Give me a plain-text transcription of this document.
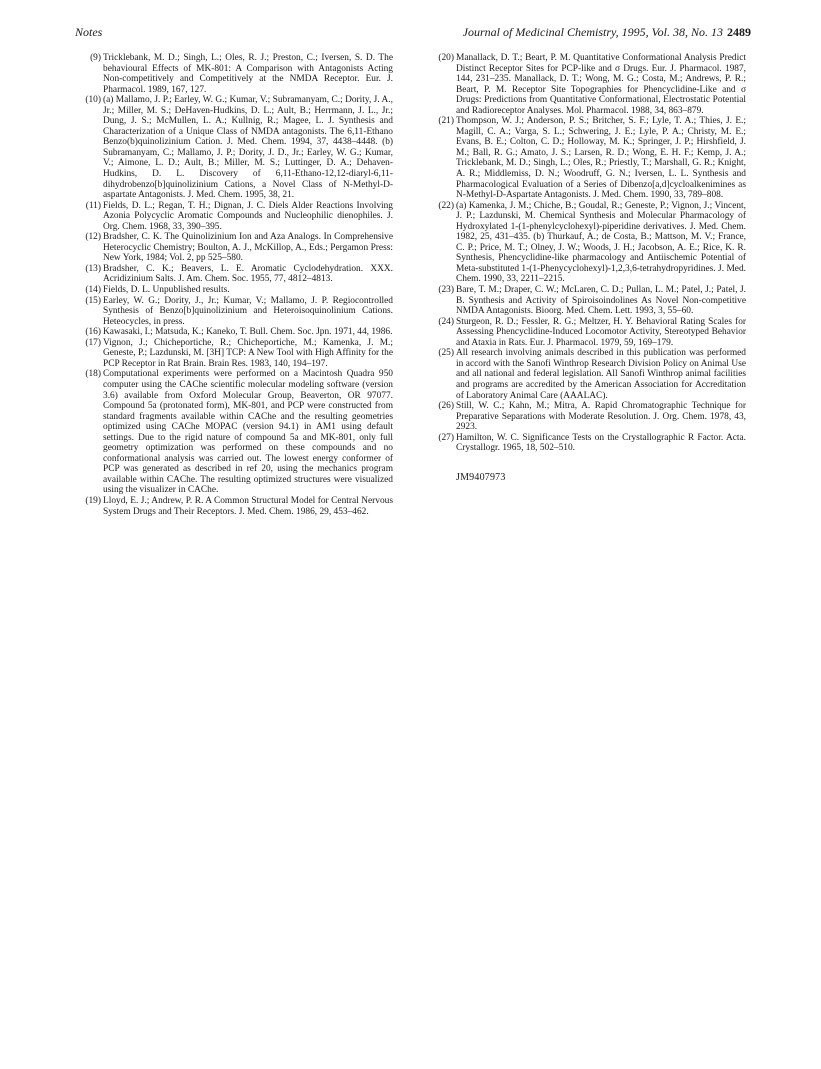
Notes	Journal of Medicinal Chemistry, 1995, Vol. 38, No. 13 2489
(9) Tricklebank, M. D.; Singh, L.; Oles, R. J.; Preston, C.; Iversen, S. D. The behavioural Effects of MK-801: A Comparison with Antagonists Acting Non-competitively and Competitively at the NMDA Receptor. Eur. J. Pharmacol. 1989, 167, 127.
(10) (a) Mallamo, J. P.; Earley, W. G.; Kumar, V.; Subramanyam, C.; Dority, J. A., Jr.; Miller, M. S.; DeHaven-Hudkins, D. L.; Ault, B.; Herrmann, J. L., Jr.; Dung, J. S.; McMullen, L. A.; Kullnig, R.; Magee, L. J. Synthesis and Characterization of a Unique Class of NMDA antagonists. The 6,11-Ethano Benzo(b)quinolizinium Cation. J. Med. Chem. 1994, 37, 4438–4448. (b) Subramanyam, C.; Mallamo, J. P.; Dority, J. D., Jr.; Earley, W. G.; Kumar, V.; Aimone, L. D.; Ault, B.; Miller, M. S.; Luttinger, D. A.; Dehaven-Hudkins, D. L. Discovery of 6,11-Ethano-12,12-diaryl-6,11-dihydrobenzo[b]quinolizinium Cations, a Novel Class of N-Methyl-D-aspartate Antagonists. J. Med. Chem. 1995, 38, 21.
(11) Fields, D. L.; Regan, T. H.; Dignan, J. C. Diels Alder Reactions Involving Azonia Polycyclic Aromatic Compounds and Nucleophilic dienophiles. J. Org. Chem. 1968, 33, 390–395.
(12) Bradsher, C. K. The Quinolizinium Ion and Aza Analogs. In Comprehensive Heterocyclic Chemistry; Boulton, A. J., McKillop, A., Eds.; Pergamon Press: New York, 1984; Vol. 2, pp 525–580.
(13) Bradsher, C. K.; Beavers, L. E. Aromatic Cyclodehydration. XXX. Acridizinium Salts. J. Am. Chem. Soc. 1955, 77, 4812–4813.
(14) Fields, D. L. Unpublished results.
(15) Earley, W. G.; Dority, J., Jr.; Kumar, V.; Mallamo, J. P. Regiocontrolled Synthesis of Benzo[b]quinolizinium and Heteroisoquinolinium Cations. Heteocycles, in press.
(16) Kawasaki, I.; Matsuda, K.; Kaneko, T. Bull. Chem. Soc. Jpn. 1971, 44, 1986.
(17) Vignon, J.; Chicheportiche, R.; Chicheportiche, M.; Kamenka, J. M.; Geneste, P.; Lazdunski, M. [3H] TCP: A New Tool with High Affinity for the PCP Receptor in Rat Brain. Brain Res. 1983, 140, 194–197.
(18) Computational experiments were performed on a Macintosh Quadra 950 computer using the CAChe scientific molecular modeling software (version 3.6) available from Oxford Molecular Group, Beaverton, OR 97077. Compound 5a (protonated form), MK-801, and PCP were constructed from standard fragments available within CAChe and the resulting geometries optimized using CAChe MOPAC (version 94.1) in AM1 using default settings. Due to the rigid nature of compound 5a and MK-801, only full geometry optimization was performed on these compounds and no conformational analysis was carried out. The lowest energy conformer of PCP was generated as described in ref 20, using the mechanics program available within CAChe. The resulting optimized structures were visualized using the visualizer in CAChe.
(19) Lloyd, E. J.; Andrew, P. R. A Common Structural Model for Central Nervous System Drugs and Their Receptors. J. Med. Chem. 1986, 29, 453–462.
(20) Manallack, D. T.; Beart, P. M. Quantitative Conformational Analysis Predict Distinct Receptor Sites for PCP-like and σ Drugs. Eur. J. Pharmacol. 1987, 144, 231–235. Manallack, D. T.; Wong, M. G.; Costa, M.; Andrews, P. R.; Beart, P. M. Receptor Site Topographies for Phencyclidine-Like and σ Drugs: Predictions from Quantitative Conformational, Electrostatic Potential and Radioreceptor Analyses. Mol. Pharmacol. 1988, 34, 863–879.
(21) Thompson, W. J.; Anderson, P. S.; Britcher, S. F.; Lyle, T. A.; Thies, J. E.; Magill, C. A.; Varga, S. L.; Schwering, J. E.; Lyle, P. A.; Christy, M. E.; Evans, B. E.; Colton, C. D.; Holloway, M. K.; Springer, J. P.; Hirshfield, J. M.; Ball, R. G.; Amato, J. S.; Larsen, R. D.; Wong, E. H. F.; Kemp, J. A.; Tricklebank, M. D.; Singh, L.; Oles, R.; Priestly, T.; Marshall, G. R.; Knight, A. R.; Middlemiss, D. N.; Woodruff, G. N.; Iversen, L. L. Synthesis and Pharmacological Evaluation of a Series of Dibenzo[a,d]cycloalkenimines as N-Methyl-D-Aspartate Antagonists. J. Med. Chem. 1990, 33, 789–808.
(22) (a) Kamenka, J. M.; Chiche, B.; Goudal, R.; Geneste, P.; Vignon, J.; Vincent, J. P.; Lazdunski, M. Chemical Synthesis and Molecular Pharmacology of Hydroxylated 1-(1-phenylcyclohexyl)-piperidine derivatives. J. Med. Chem. 1982, 25, 431–435. (b) Thurkauf, A.; de Costa, B.; Mattson, M. V.; France, C. P.; Price, M. T.; Olney, J. W.; Woods, J. H.; Jacobson, A. E.; Rice, K. R. Synthesis, Phencyclidine-like pharmacology and Antiischemic Potential of Meta-substituted 1-(1-Phenycyclohexyl)-1,2,3,6-tetrahydropyridines. J. Med. Chem. 1990, 33, 2211–2215.
(23) Bare, T. M.; Draper, C. W.; McLaren, C. D.; Pullan, L. M.; Patel, J.; Patel, J. B. Synthesis and Activity of Spiroisoindolines As Novel Non-competitive NMDA Antagonists. Bioorg. Med. Chem. Lett. 1993, 3, 55–60.
(24) Sturgeon, R. D.; Fessler, R. G.; Meltzer, H. Y. Behavioral Rating Scales for Assessing Phencyclidine-Induced Locomotor Activity, Stereotyped Behavior and Ataxia in Rats. Eur. J. Pharmacol. 1979, 59, 169–179.
(25) All research involving animals described in this publication was performed in accord with the Sanofi Winthrop Research Division Policy on Animal Use and all national and federal legislation. All Sanofi Winthrop animal facilities and programs are accredited by the American Association for Accreditation of Laboratory Animal Care (AAALAC).
(26) Still, W. C.; Kahn, M.; Mitra, A. Rapid Chromatographic Technique for Preparative Separations with Moderate Resolution. J. Org. Chem. 1978, 43, 2923.
(27) Hamilton, W. C. Significance Tests on the Crystallographic R Factor. Acta. Crystallogr. 1965, 18, 502–510.
JM9407973
